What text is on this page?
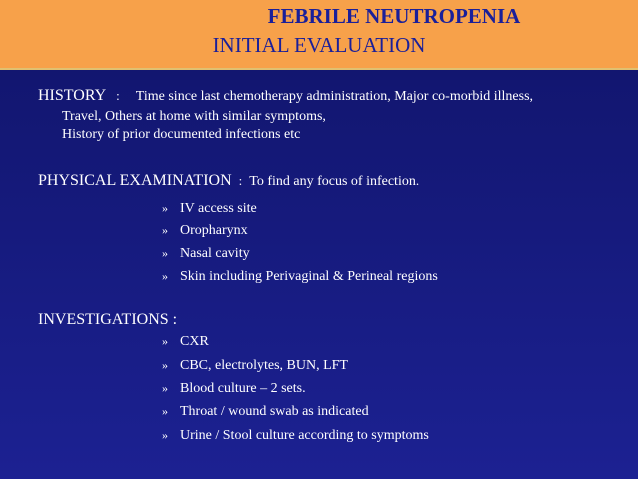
FEBRILE NEUTROPENIA
INITIAL EVALUATION
HISTORY : Time since last chemotherapy administration, Major co-morbid illness,
Travel, Others at home with similar symptoms,
History of prior documented infections etc
PHYSICAL EXAMINATION : To find any focus of infection.
» IV access site
» Oropharynx
» Nasal cavity
» Skin including Perivaginal & Perineal regions
INVESTIGATIONS :
» CXR
» CBC, electrolytes, BUN, LFT
» Blood culture – 2 sets.
» Throat / wound swab as indicated
» Urine / Stool culture according to symptoms
